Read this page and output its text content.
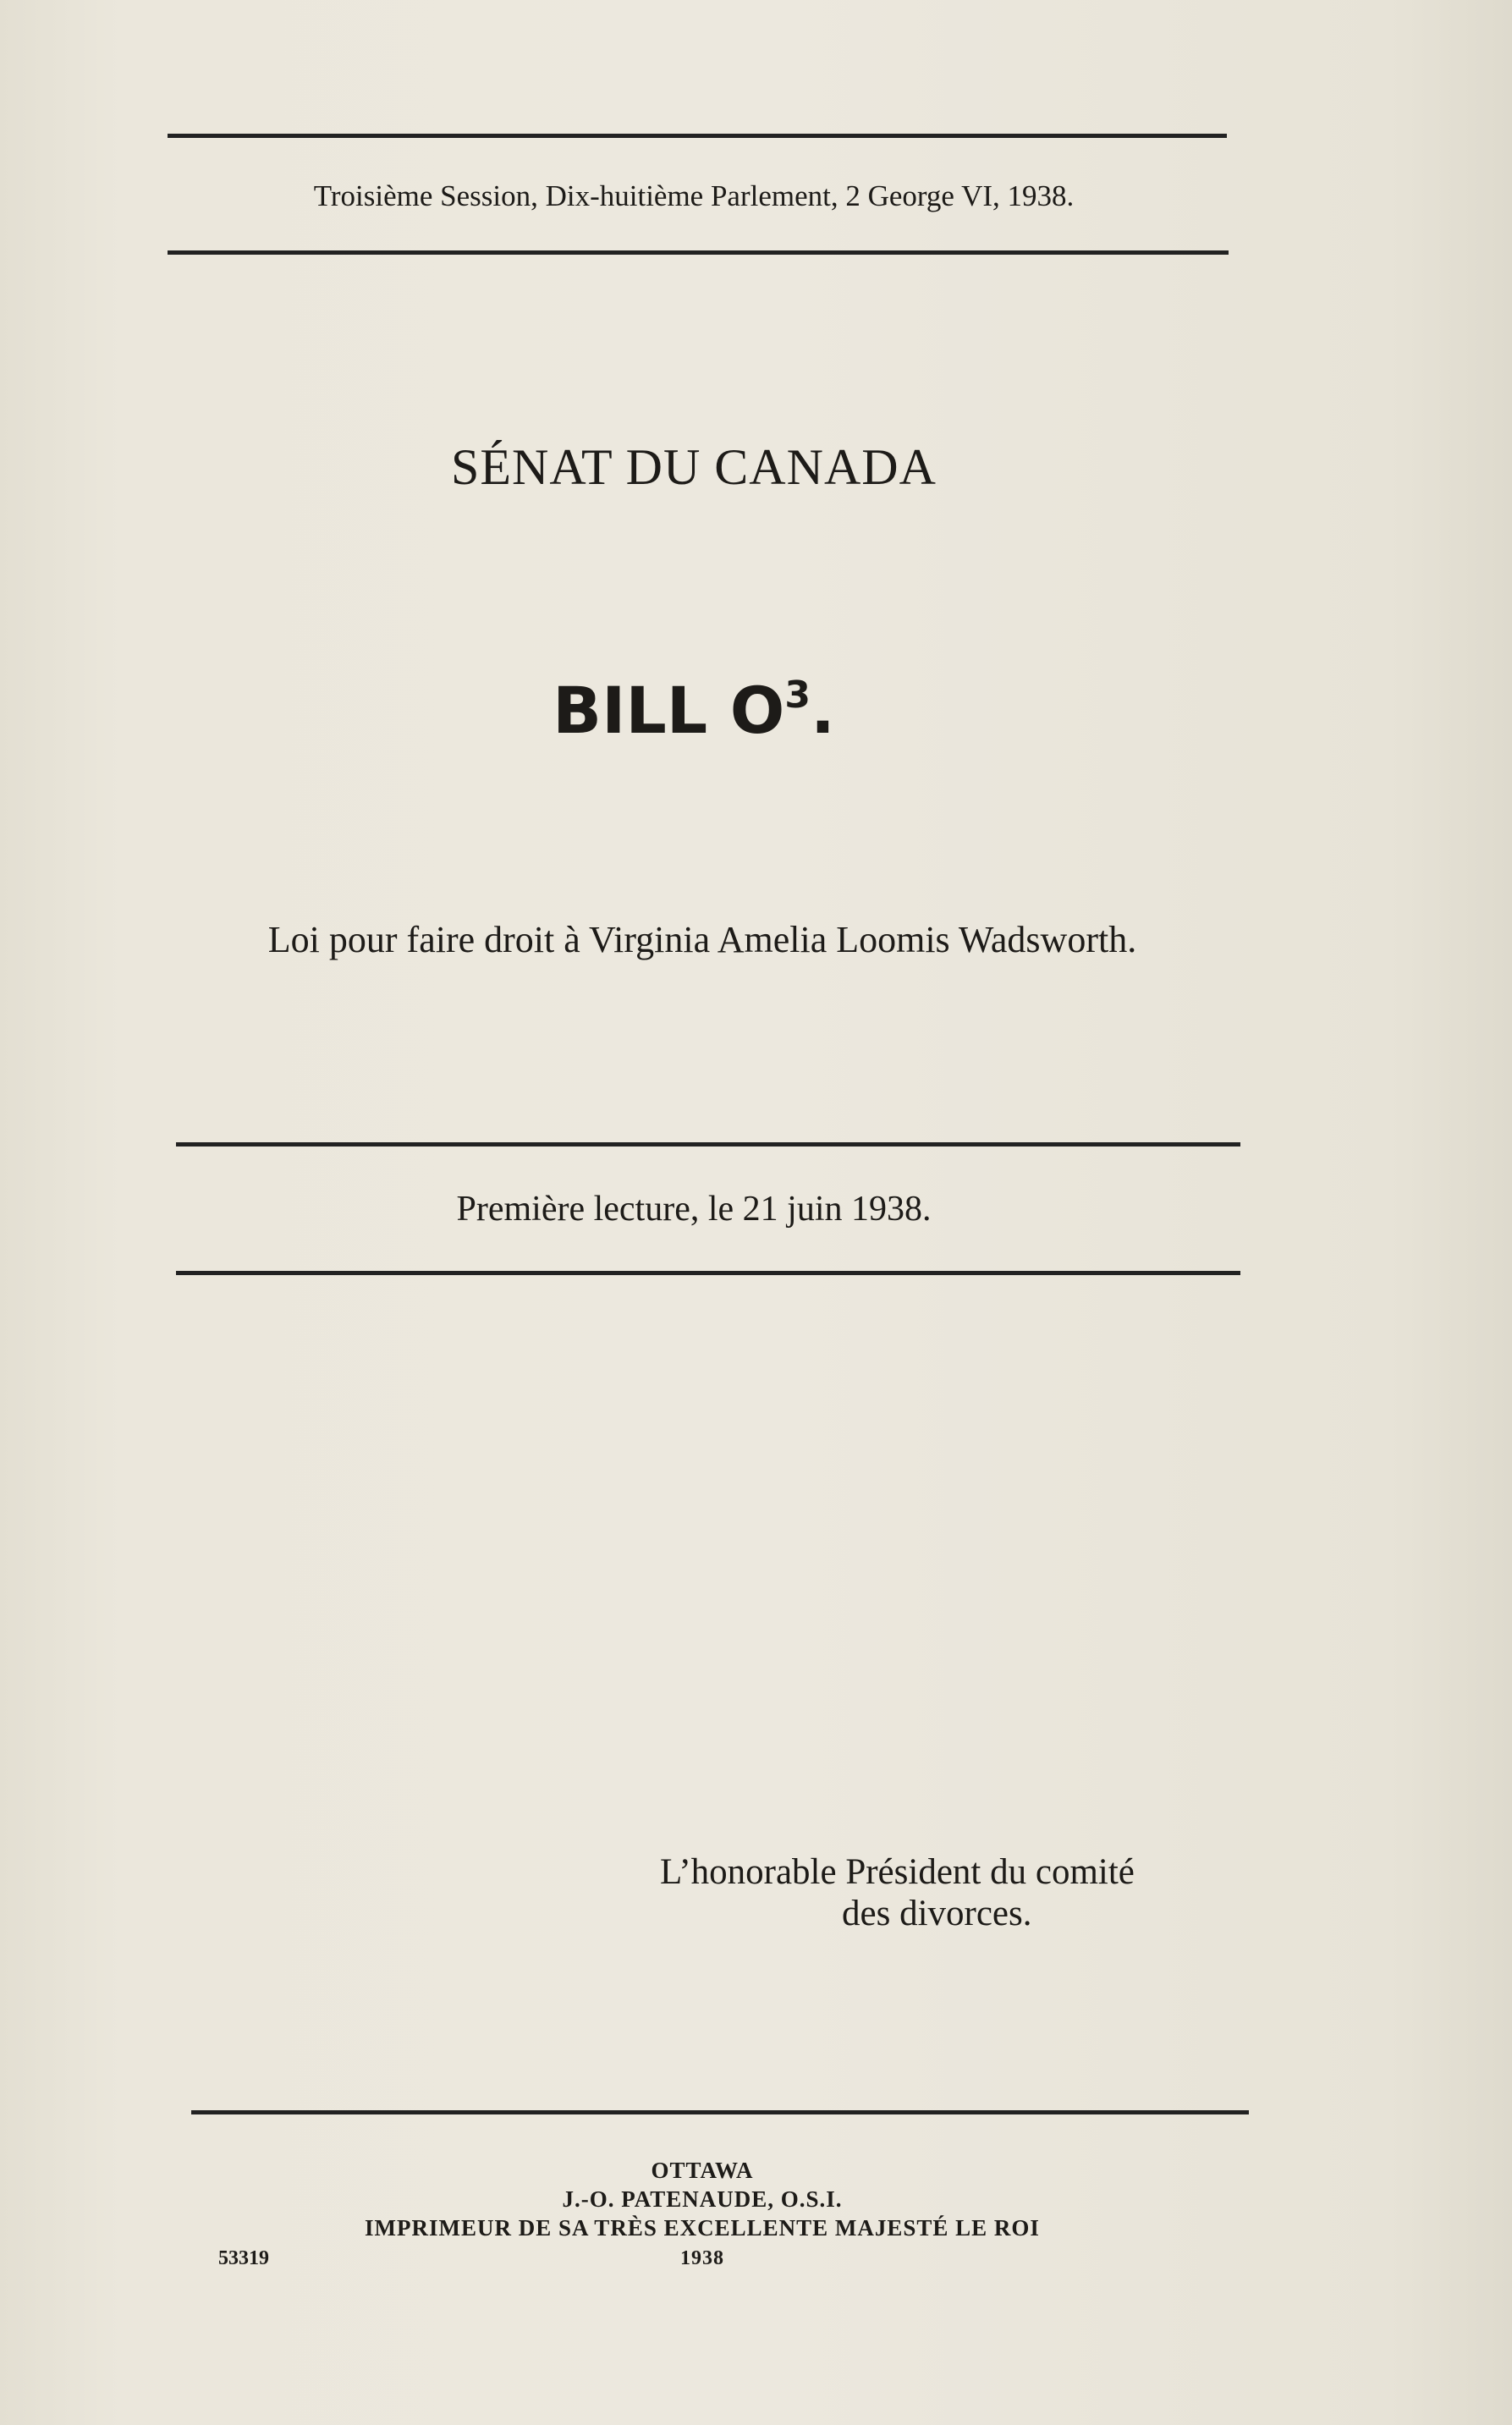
Troisième Session, Dix-huitième Parlement, 2 George VI, 1938.
SÉNAT DU CANADA
BILL $O^3$.
Loi pour faire droit à Virginia Amelia Loomis Wadsworth.
Première lecture, le 21 juin 1938.
L’honorable Président du comité
des divorces.
OTTAWA
J.-O. PATENAUDE, O.S.I.
IMPRIMEUR DE SA TRÈS EXCELLENTE MAJESTÉ LE ROI
1938
53319
